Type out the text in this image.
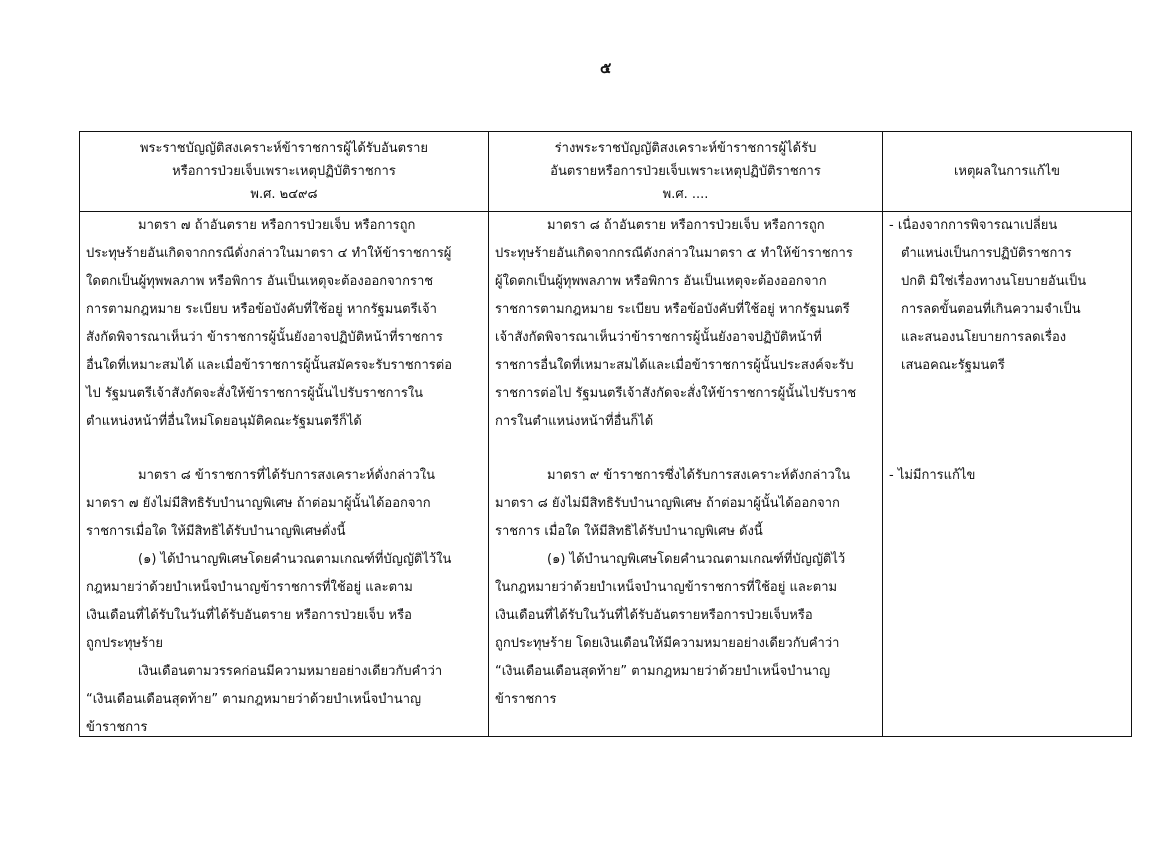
๕
พระราชบัญญัติสงเคราะห์ข้าราชการผู้ได้รับอันตราย
หรือการป่วยเจ็บเพราะเหตุปฏิบัติราชการ
พ.ศ. ๒๔๙๘
มาตรา ๗ ถ้าอันตราย หรือการป่วยเจ็บ หรือการถูก
ประทุษร้ายอันเกิดจากกรณีดั่งกล่าวในมาตรา ๔ ทำให้ข้าราชการผู้
ใดตกเป็นผู้ทุพพลภาพ หรือพิการ อันเป็นเหตุจะต้องออกจากราช
การตามกฎหมาย ระเบียบ หรือข้อบังคับที่ใช้อยู่ หากรัฐมนตรีเจ้า
สังกัดพิจารณาเห็นว่า ข้าราชการผู้นั้นยังอาจปฏิบัติหน้าที่ราชการ
อื่นใดที่เหมาะสมได้ และเมื่อข้าราชการผู้นั้นสมัครจะรับราชการต่อ
ไป รัฐมนตรีเจ้าสังกัดจะสั่งให้ข้าราชการผู้นั้นไปรับราชการใน
ตำแหน่งหน้าที่อื่นใหม่โดยอนุมัติคณะรัฐมนตรีก็ได้
มาตรา ๘ ข้าราชการที่ได้รับการสงเคราะห์ดั่งกล่าวใน
มาตรา ๗ ยังไม่มีสิทธิรับบำนาญพิเศษ ถ้าต่อมาผู้นั้นได้ออกจาก
ราชการเมื่อใด ให้มีสิทธิได้รับบำนาญพิเศษดั่งนี้
(๑) ได้บำนาญพิเศษโดยคำนวณตามเกณฑ์ที่บัญญัติไว้ใน
กฎหมายว่าด้วยบำเหน็จบำนาญข้าราชการที่ใช้อยู่ และตาม
เงินเดือนที่ได้รับในวันที่ได้รับอันตราย หรือการป่วยเจ็บ หรือ
ถูกประทุษร้าย
เงินเดือนตามวรรคก่อนมีความหมายอย่างเดียวกับคำว่า
“เงินเดือนเดือนสุดท้าย” ตามกฎหมายว่าด้วยบำเหน็จบำนาญ
ข้าราชการ
ร่างพระราชบัญญัติสงเคราะห์ข้าราชการผู้ได้รับ
อันตรายหรือการป่วยเจ็บเพราะเหตุปฏิบัติราชการ
พ.ศ. ....
มาตรา ๘ ถ้าอันตราย หรือการป่วยเจ็บ หรือการถูก
ประทุษร้ายอันเกิดจากกรณีดังกล่าวในมาตรา ๕ ทำให้ข้าราชการ
ผู้ใดตกเป็นผู้ทุพพลภาพ หรือพิการ อันเป็นเหตุจะต้องออกจาก
ราชการตามกฎหมาย ระเบียบ หรือข้อบังคับที่ใช้อยู่ หากรัฐมนตรี
เจ้าสังกัดพิจารณาเห็นว่าข้าราชการผู้นั้นยังอาจปฏิบัติหน้าที่
ราชการอื่นใดที่เหมาะสมได้และเมื่อข้าราชการผู้นั้นประสงค์จะรับ
ราชการต่อไป รัฐมนตรีเจ้าสังกัดจะสั่งให้ข้าราชการผู้นั้นไปรับราช
การในตำแหน่งหน้าที่อื่นก็ได้
มาตรา ๙ ข้าราชการซึ่งได้รับการสงเคราะห์ดังกล่าวใน
มาตรา ๘ ยังไม่มีสิทธิรับบำนาญพิเศษ ถ้าต่อมาผู้นั้นได้ออกจาก
ราชการ เมื่อใด ให้มีสิทธิได้รับบำนาญพิเศษ ดังนี้
(๑) ได้บำนาญพิเศษโดยคำนวณตามเกณฑ์ที่บัญญัติไว้
ในกฎหมายว่าด้วยบำเหน็จบำนาญข้าราชการที่ใช้อยู่ และตาม
เงินเดือนที่ได้รับในวันที่ได้รับอันตรายหรือการป่วยเจ็บหรือ
ถูกประทุษร้าย โดยเงินเดือนให้มีความหมายอย่างเดียวกับคำว่า
“เงินเดือนเดือนสุดท้าย” ตามกฎหมายว่าด้วยบำเหน็จบำนาญ
ข้าราชการ
เหตุผลในการแก้ไข
- เนื่องจากการพิจารณาเปลี่ยน
ตำแหน่งเป็นการปฏิบัติราชการ
ปกติ มิใช่เรื่องทางนโยบายอันเป็น
การลดขั้นตอนที่เกินความจำเป็น
และสนองนโยบายการลดเรื่อง
เสนอคณะรัฐมนตรี
- ไม่มีการแก้ไข
